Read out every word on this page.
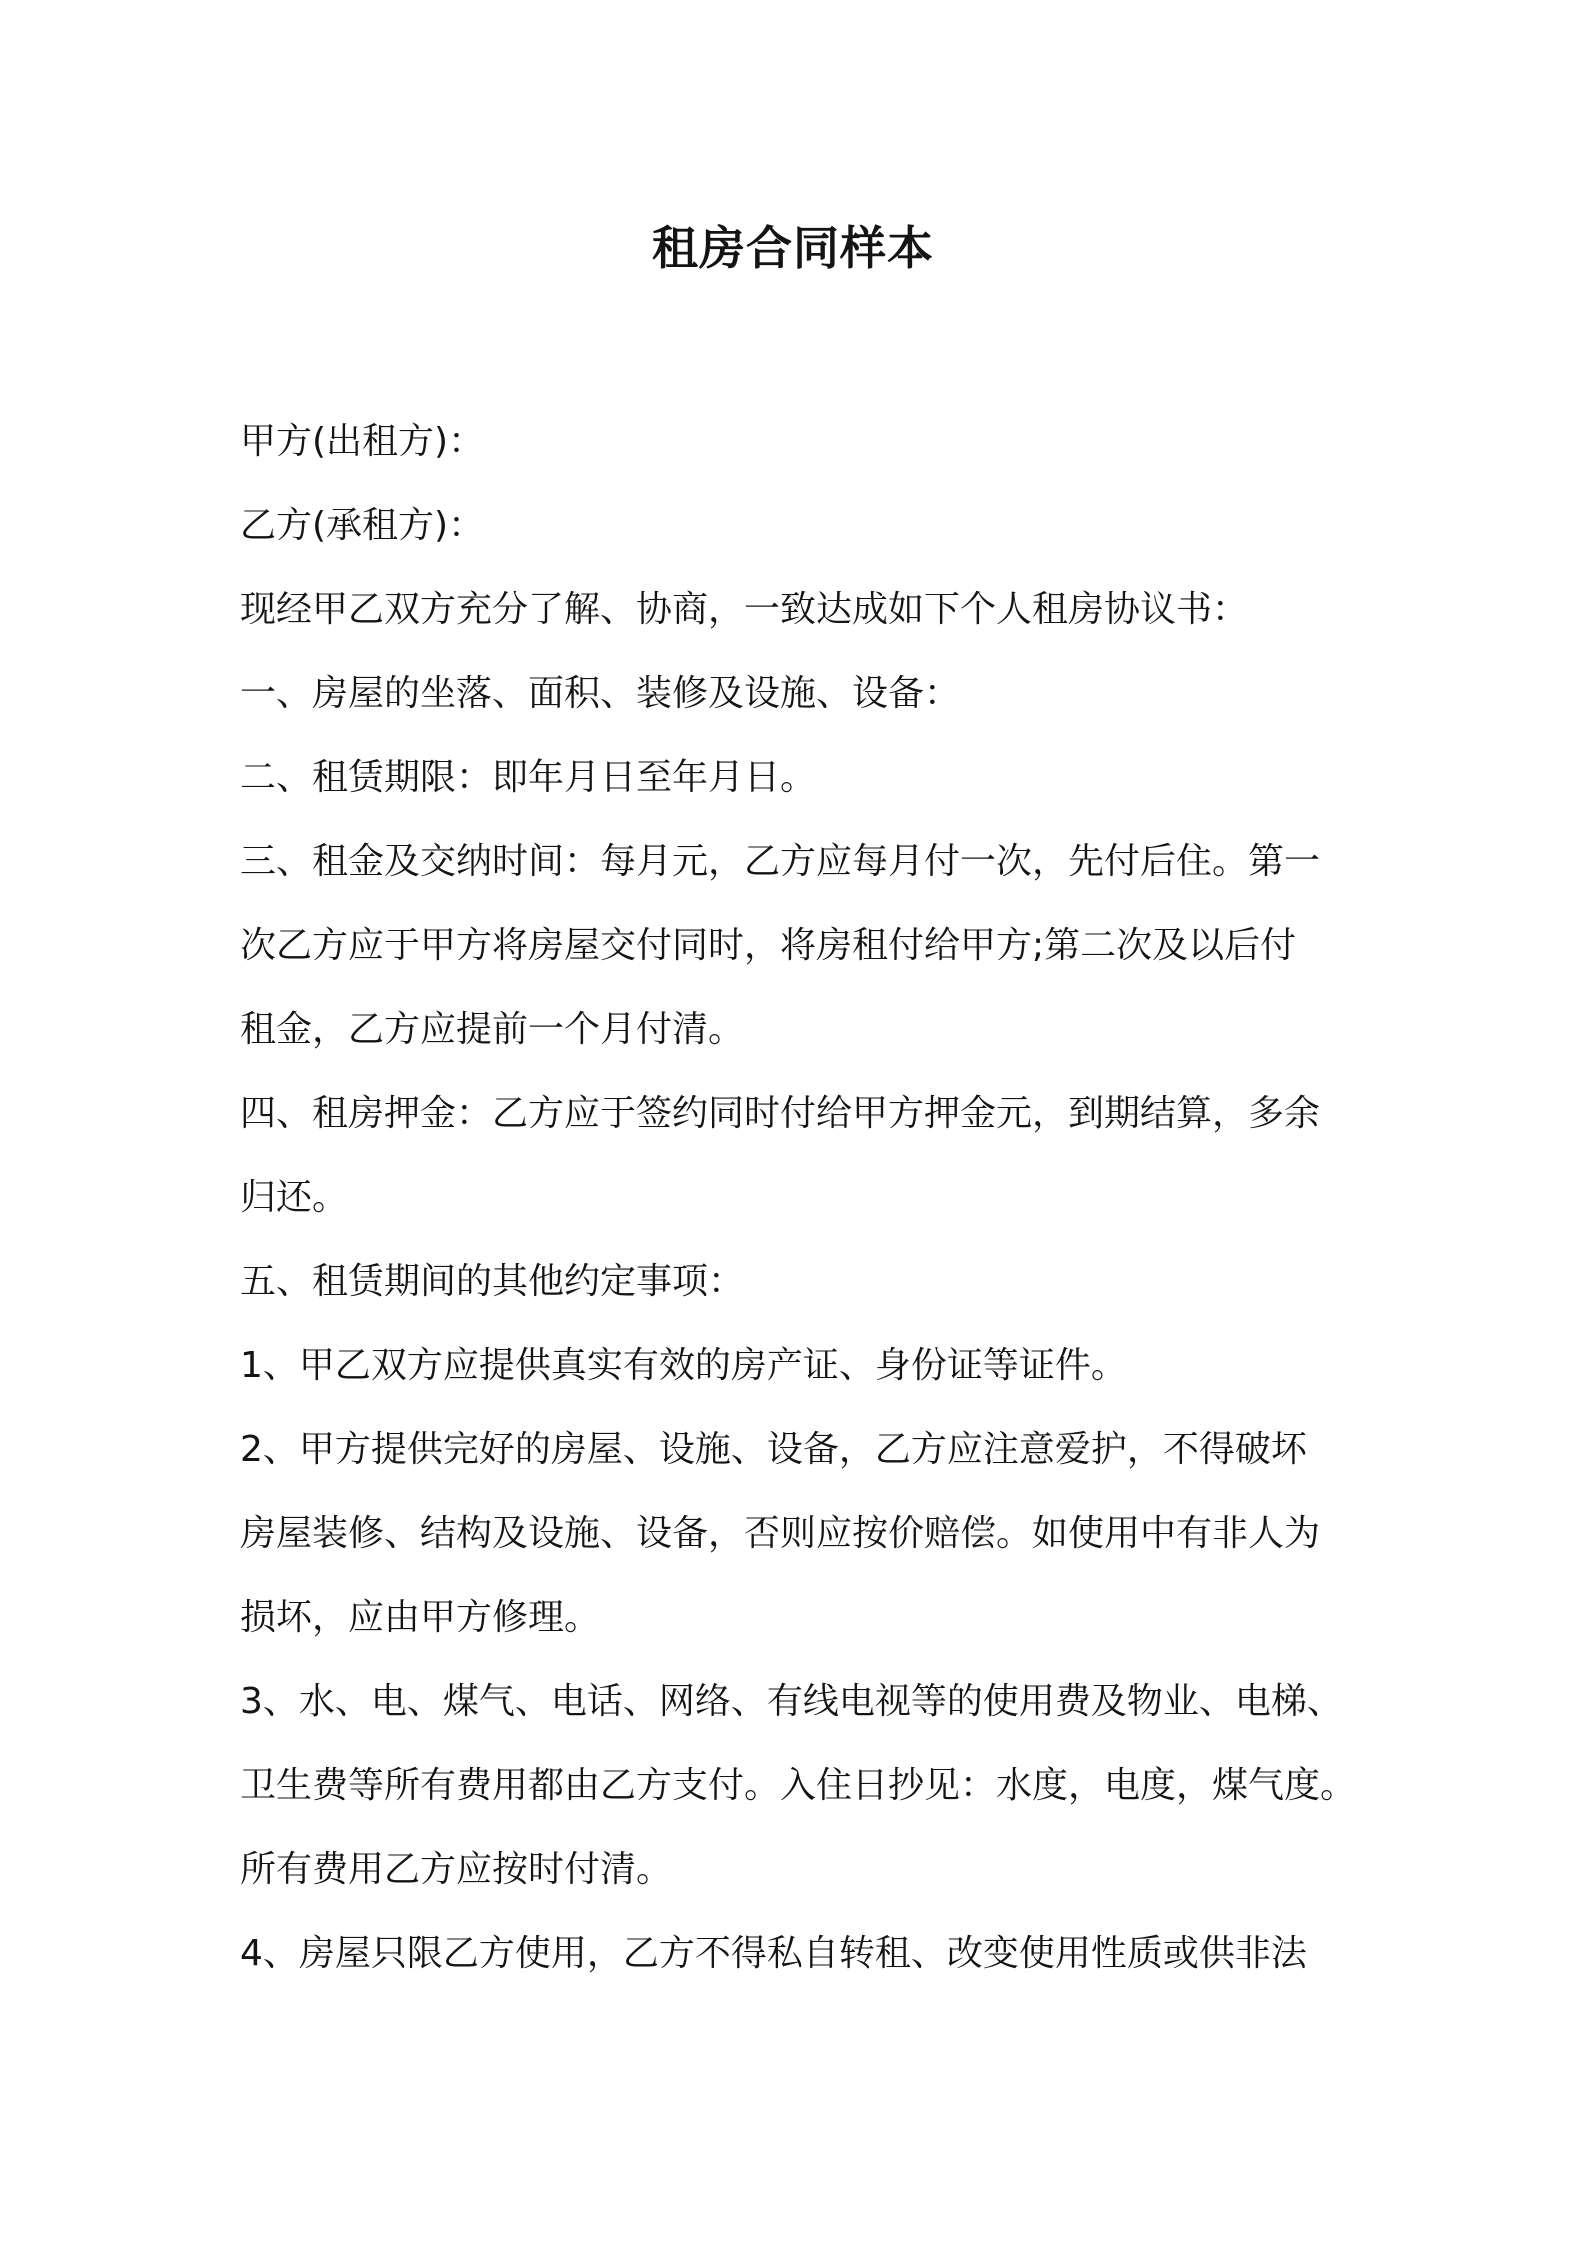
租房合同样本
甲方(出租方)：
乙方(承租方)：
现经甲乙双方充分了解、协商，一致达成如下个人租房协议书：
一、房屋的坐落、面积、装修及设施、设备：
二、租赁期限：即年月日至年月日。
三、租金及交纳时间：每月元，乙方应每月付一次，先付后住。第一
次乙方应于甲方将房屋交付同时，将房租付给甲方;第二次及以后付
租金，乙方应提前一个月付清。
四、租房押金：乙方应于签约同时付给甲方押金元，到期结算，多余
归还。
五、租赁期间的其他约定事项：
1、甲乙双方应提供真实有效的房产证、身份证等证件。
2、甲方提供完好的房屋、设施、设备，乙方应注意爱护，不得破坏
房屋装修、结构及设施、设备，否则应按价赔偿。如使用中有非人为
损坏，应由甲方修理。
3、水、电、煤气、电话、网络、有线电视等的使用费及物业、电梯、
卫生费等所有费用都由乙方支付。入住日抄见：水度，电度，煤气度。
所有费用乙方应按时付清。
4、房屋只限乙方使用，乙方不得私自转租、改变使用性质或供非法
